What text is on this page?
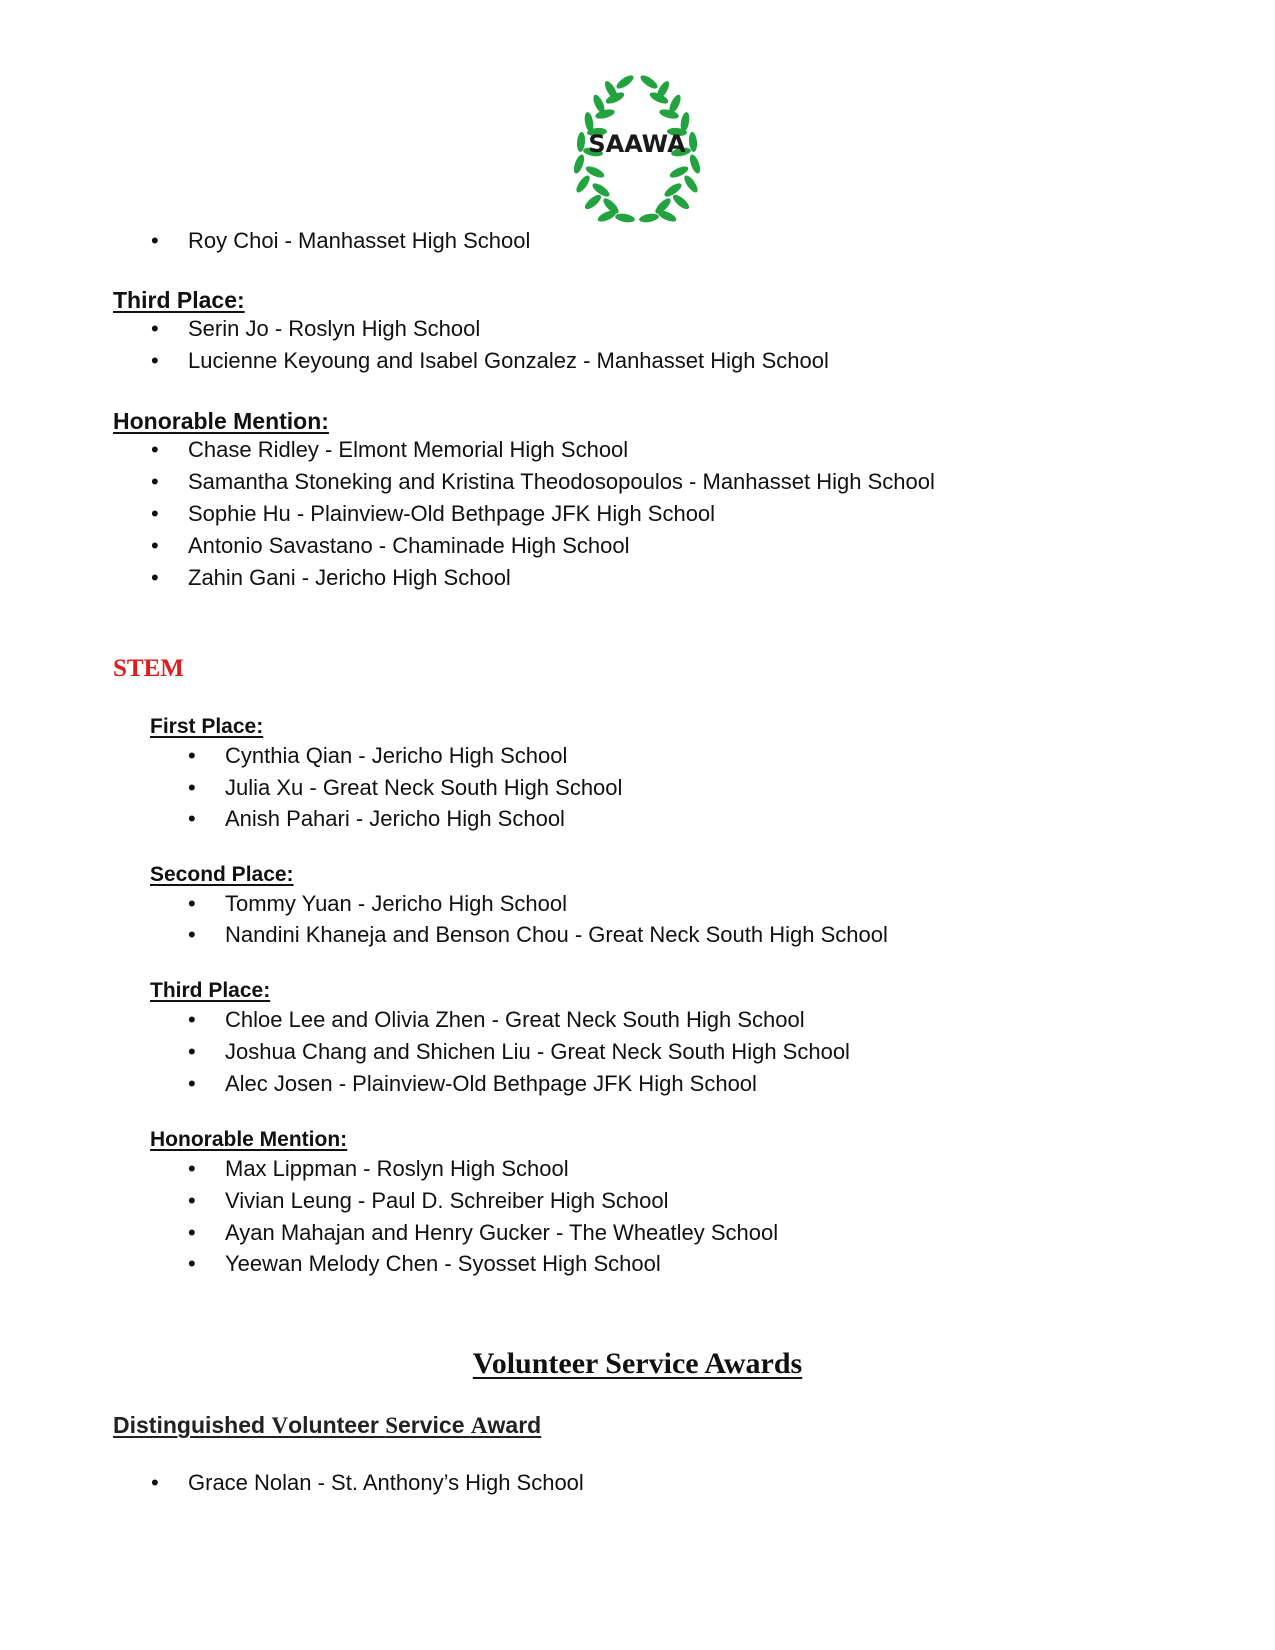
SAAWA
• Roy Choi - Manhasset High School
Third Place:
• Serin Jo - Roslyn High School
• Lucienne Keyoung and Isabel Gonzalez - Manhasset High School
Honorable Mention:
• Chase Ridley - Elmont Memorial High School
• Samantha Stoneking and Kristina Theodosopoulos - Manhasset High School
• Sophie Hu - Plainview-Old Bethpage JFK High School
• Antonio Savastano - Chaminade High School
• Zahin Gani - Jericho High School
STEM
First Place:
• Cynthia Qian - Jericho High School
• Julia Xu - Great Neck South High School
• Anish Pahari - Jericho High School
Second Place:
• Tommy Yuan - Jericho High School
• Nandini Khaneja and Benson Chou - Great Neck South High School
Third Place:
• Chloe Lee and Olivia Zhen - Great Neck South High School
• Joshua Chang and Shichen Liu - Great Neck South High School
• Alec Josen - Plainview-Old Bethpage JFK High School
Honorable Mention:
• Max Lippman - Roslyn High School
• Vivian Leung - Paul D. Schreiber High School
• Ayan Mahajan and Henry Gucker - The Wheatley School
• Yeewan Melody Chen - Syosset High School
Volunteer Service Awards
Distinguished Volunteer Service Award
• Grace Nolan - St. Anthony’s High School
